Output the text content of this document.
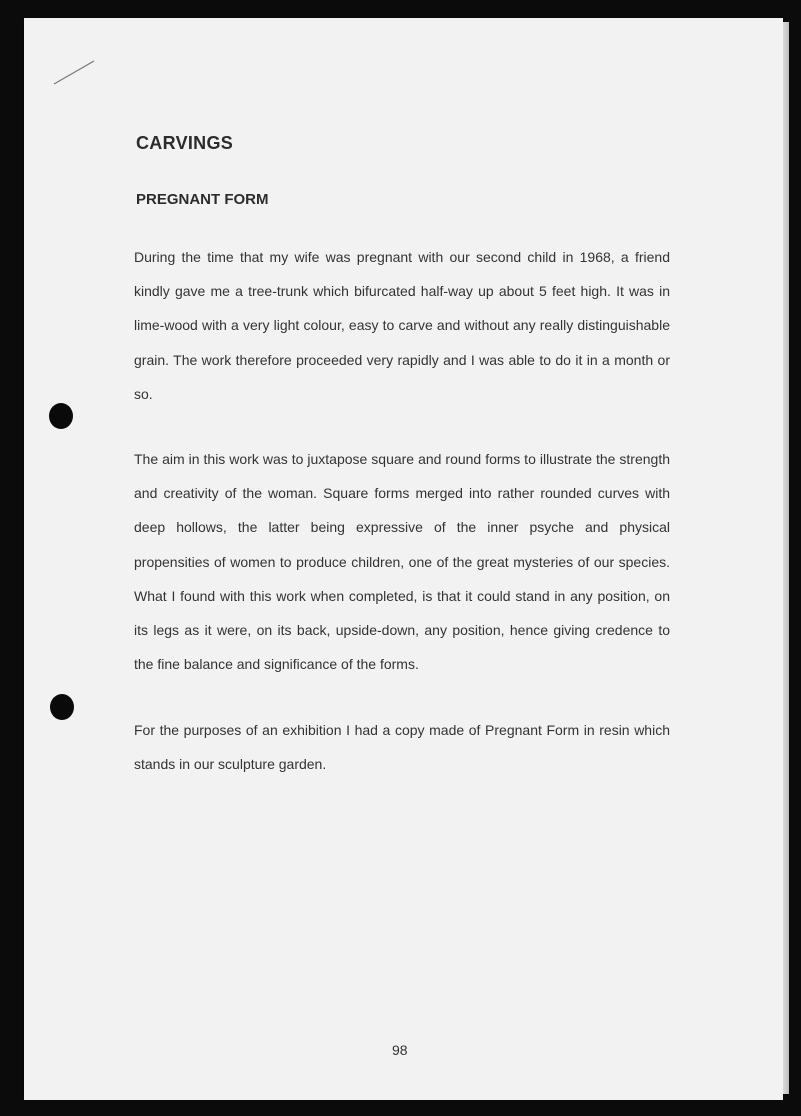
CARVINGS
PREGNANT FORM

During the time that my wife was pregnant with our second child in 1968, a friend kindly gave me a tree-trunk which bifurcated half-way up about 5 feet high. It was in lime-wood with a very light colour, easy to carve and without any really distinguishable grain. The work therefore proceeded very rapidly and I was able to do it in a month or so.

The aim in this work was to juxtapose square and round forms to illustrate the strength and creativity of the woman. Square forms merged into rather rounded curves with deep hollows, the latter being expressive of the inner psyche and physical propensities of women to produce children, one of the great mysteries of our species. What I found with this work when completed, is that it could stand in any position, on its legs as it were, on its back, upside-down, any position, hence giving credence to the fine balance and significance of the forms.

For the purposes of an exhibition I had a copy made of Pregnant Form in resin which stands in our sculpture garden.

98
